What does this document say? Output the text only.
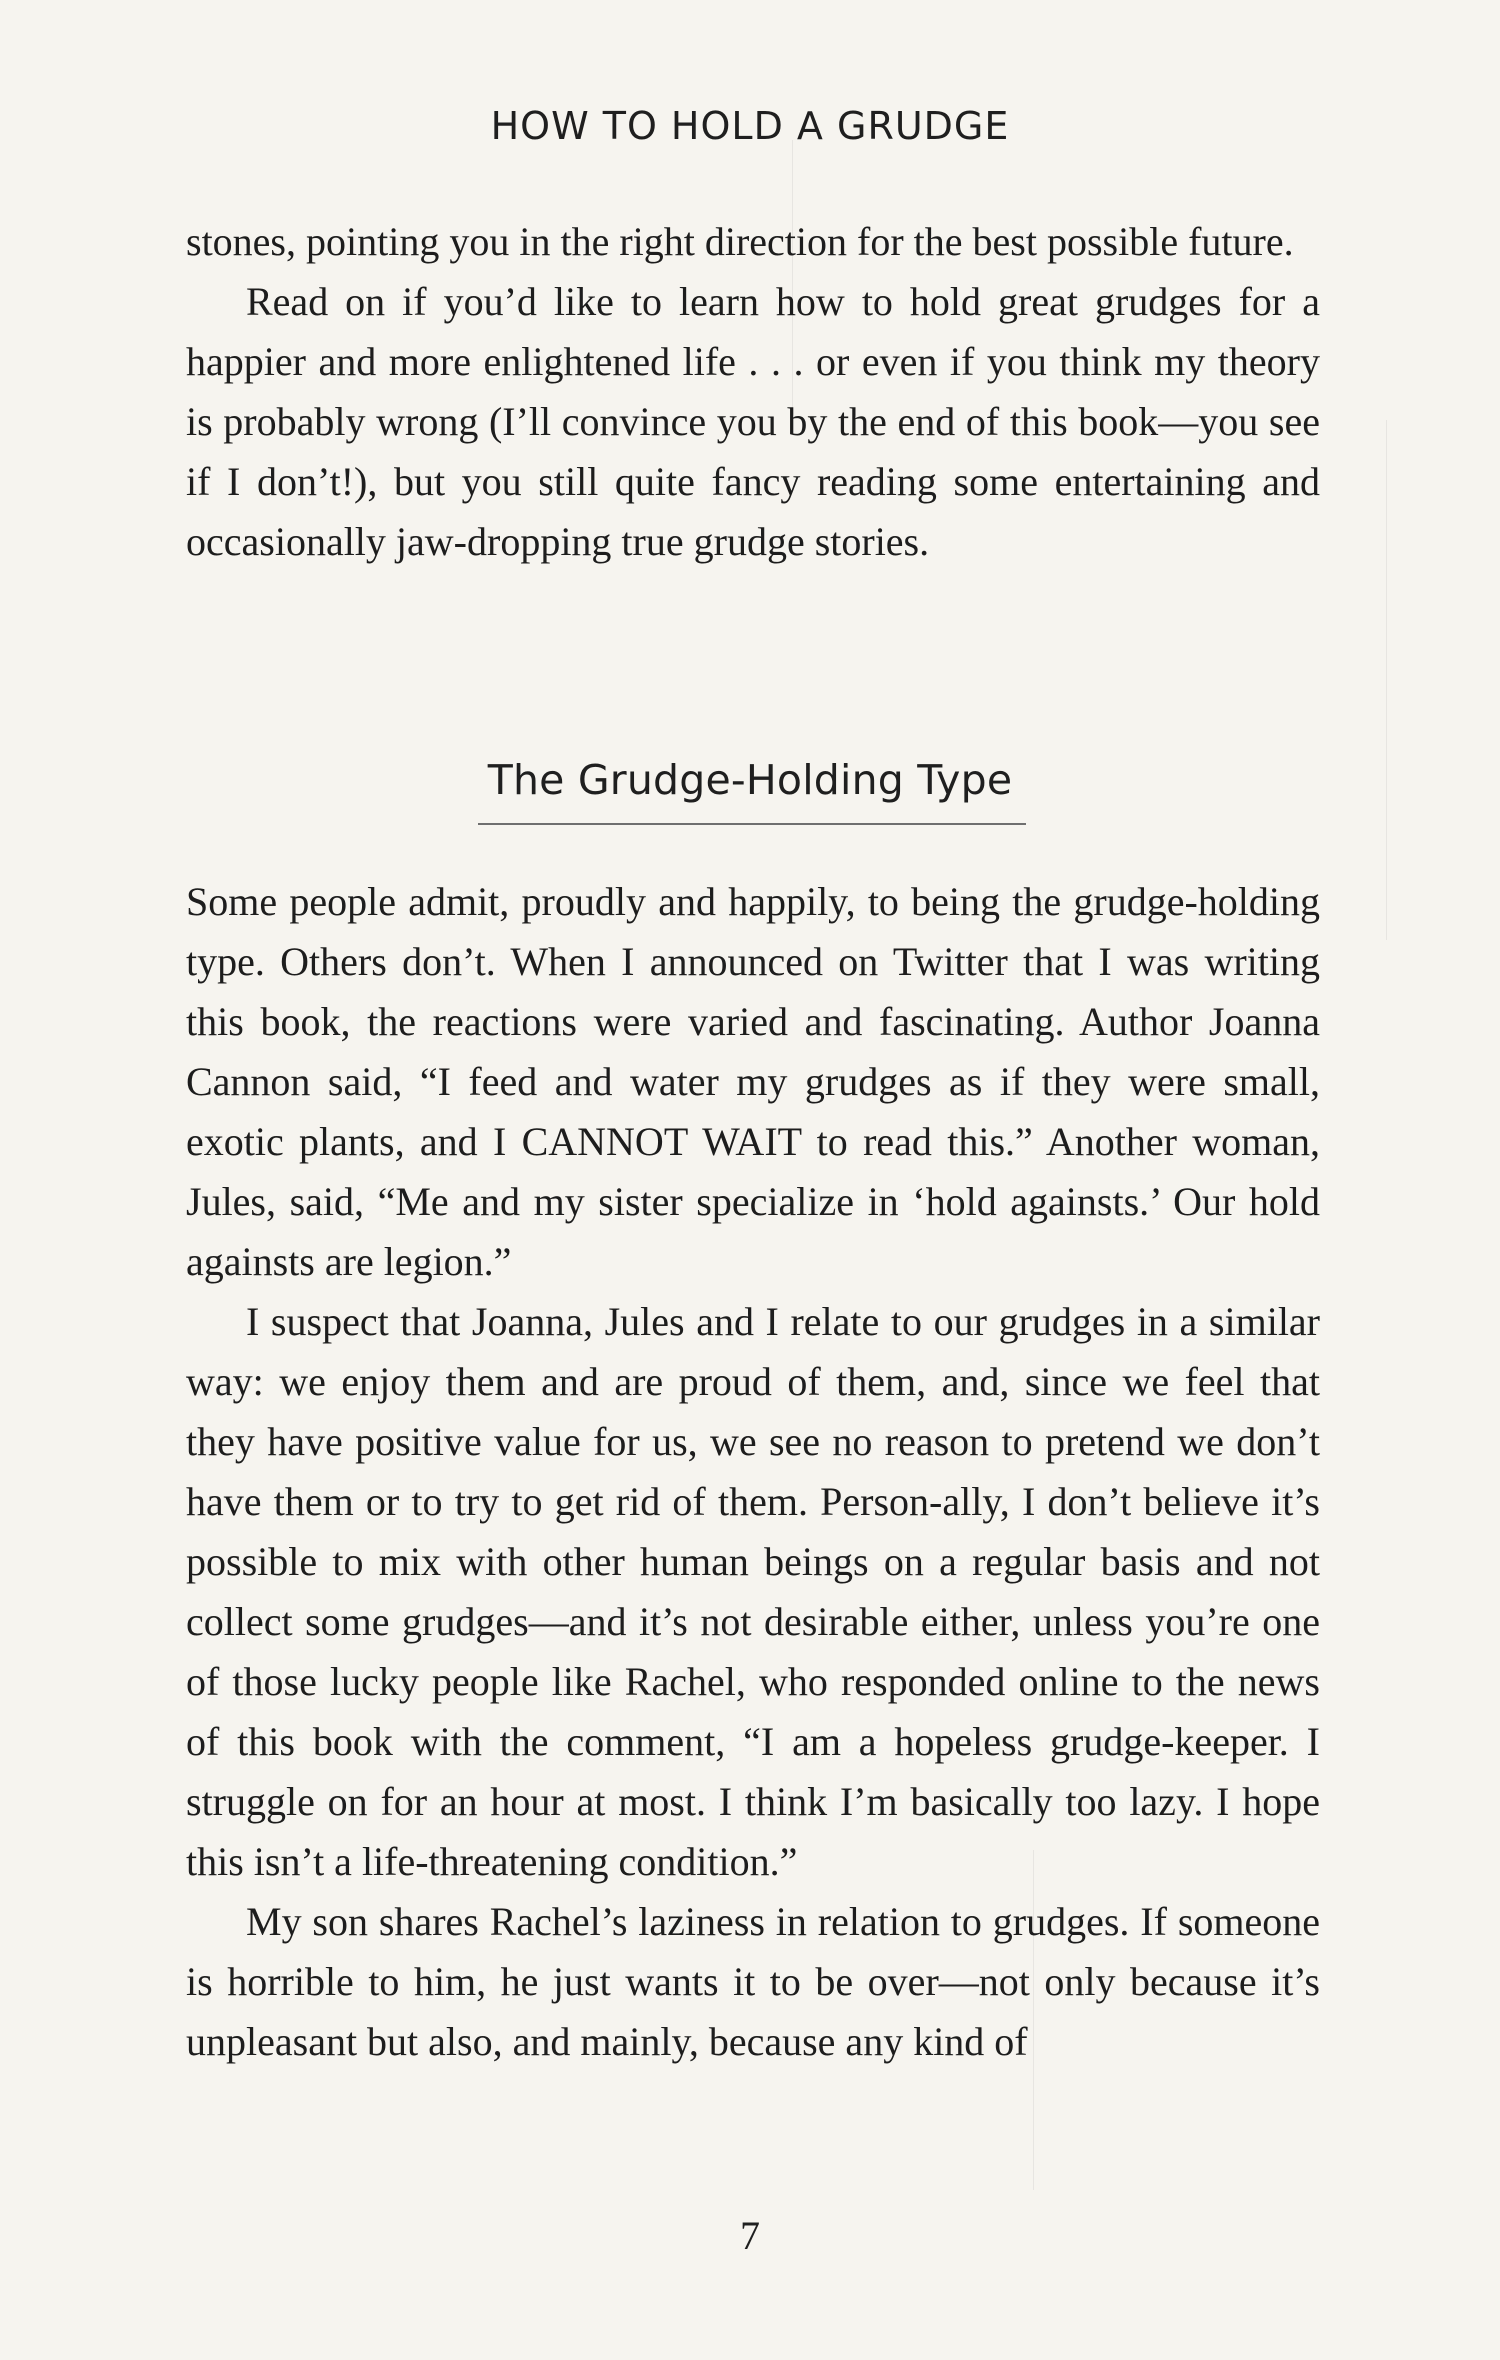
HOW TO HOLD A GRUDGE

stones, pointing you in the right direction for the best possible future.

Read on if you’d like to learn how to hold great grudges for a happier and more enlightened life . . . or even if you think my theory is probably wrong (I’ll convince you by the end of this book—you see if I don’t!), but you still quite fancy reading some entertaining and occasionally jaw-dropping true grudge stories.

The Grudge-Holding Type

Some people admit, proudly and happily, to being the grudge-holding type. Others don’t. When I announced on Twitter that I was writing this book, the reactions were varied and fascinating. Author Joanna Cannon said, “I feed and water my grudges as if they were small, exotic plants, and I CANNOT WAIT to read this.” Another woman, Jules, said, “Me and my sister specialize in ‘hold againsts.’ Our hold againsts are legion.”

I suspect that Joanna, Jules and I relate to our grudges in a similar way: we enjoy them and are proud of them, and, since we feel that they have positive value for us, we see no reason to pretend we don’t have them or to try to get rid of them. Person-ally, I don’t believe it’s possible to mix with other human beings on a regular basis and not collect some grudges—and it’s not desirable either, unless you’re one of those lucky people like Rachel, who responded online to the news of this book with the comment, “I am a hopeless grudge-keeper. I struggle on for an hour at most. I think I’m basically too lazy. I hope this isn’t a life-threatening condition.”

My son shares Rachel’s laziness in relation to grudges. If someone is horrible to him, he just wants it to be over—not only because it’s unpleasant but also, and mainly, because any kind of

7
